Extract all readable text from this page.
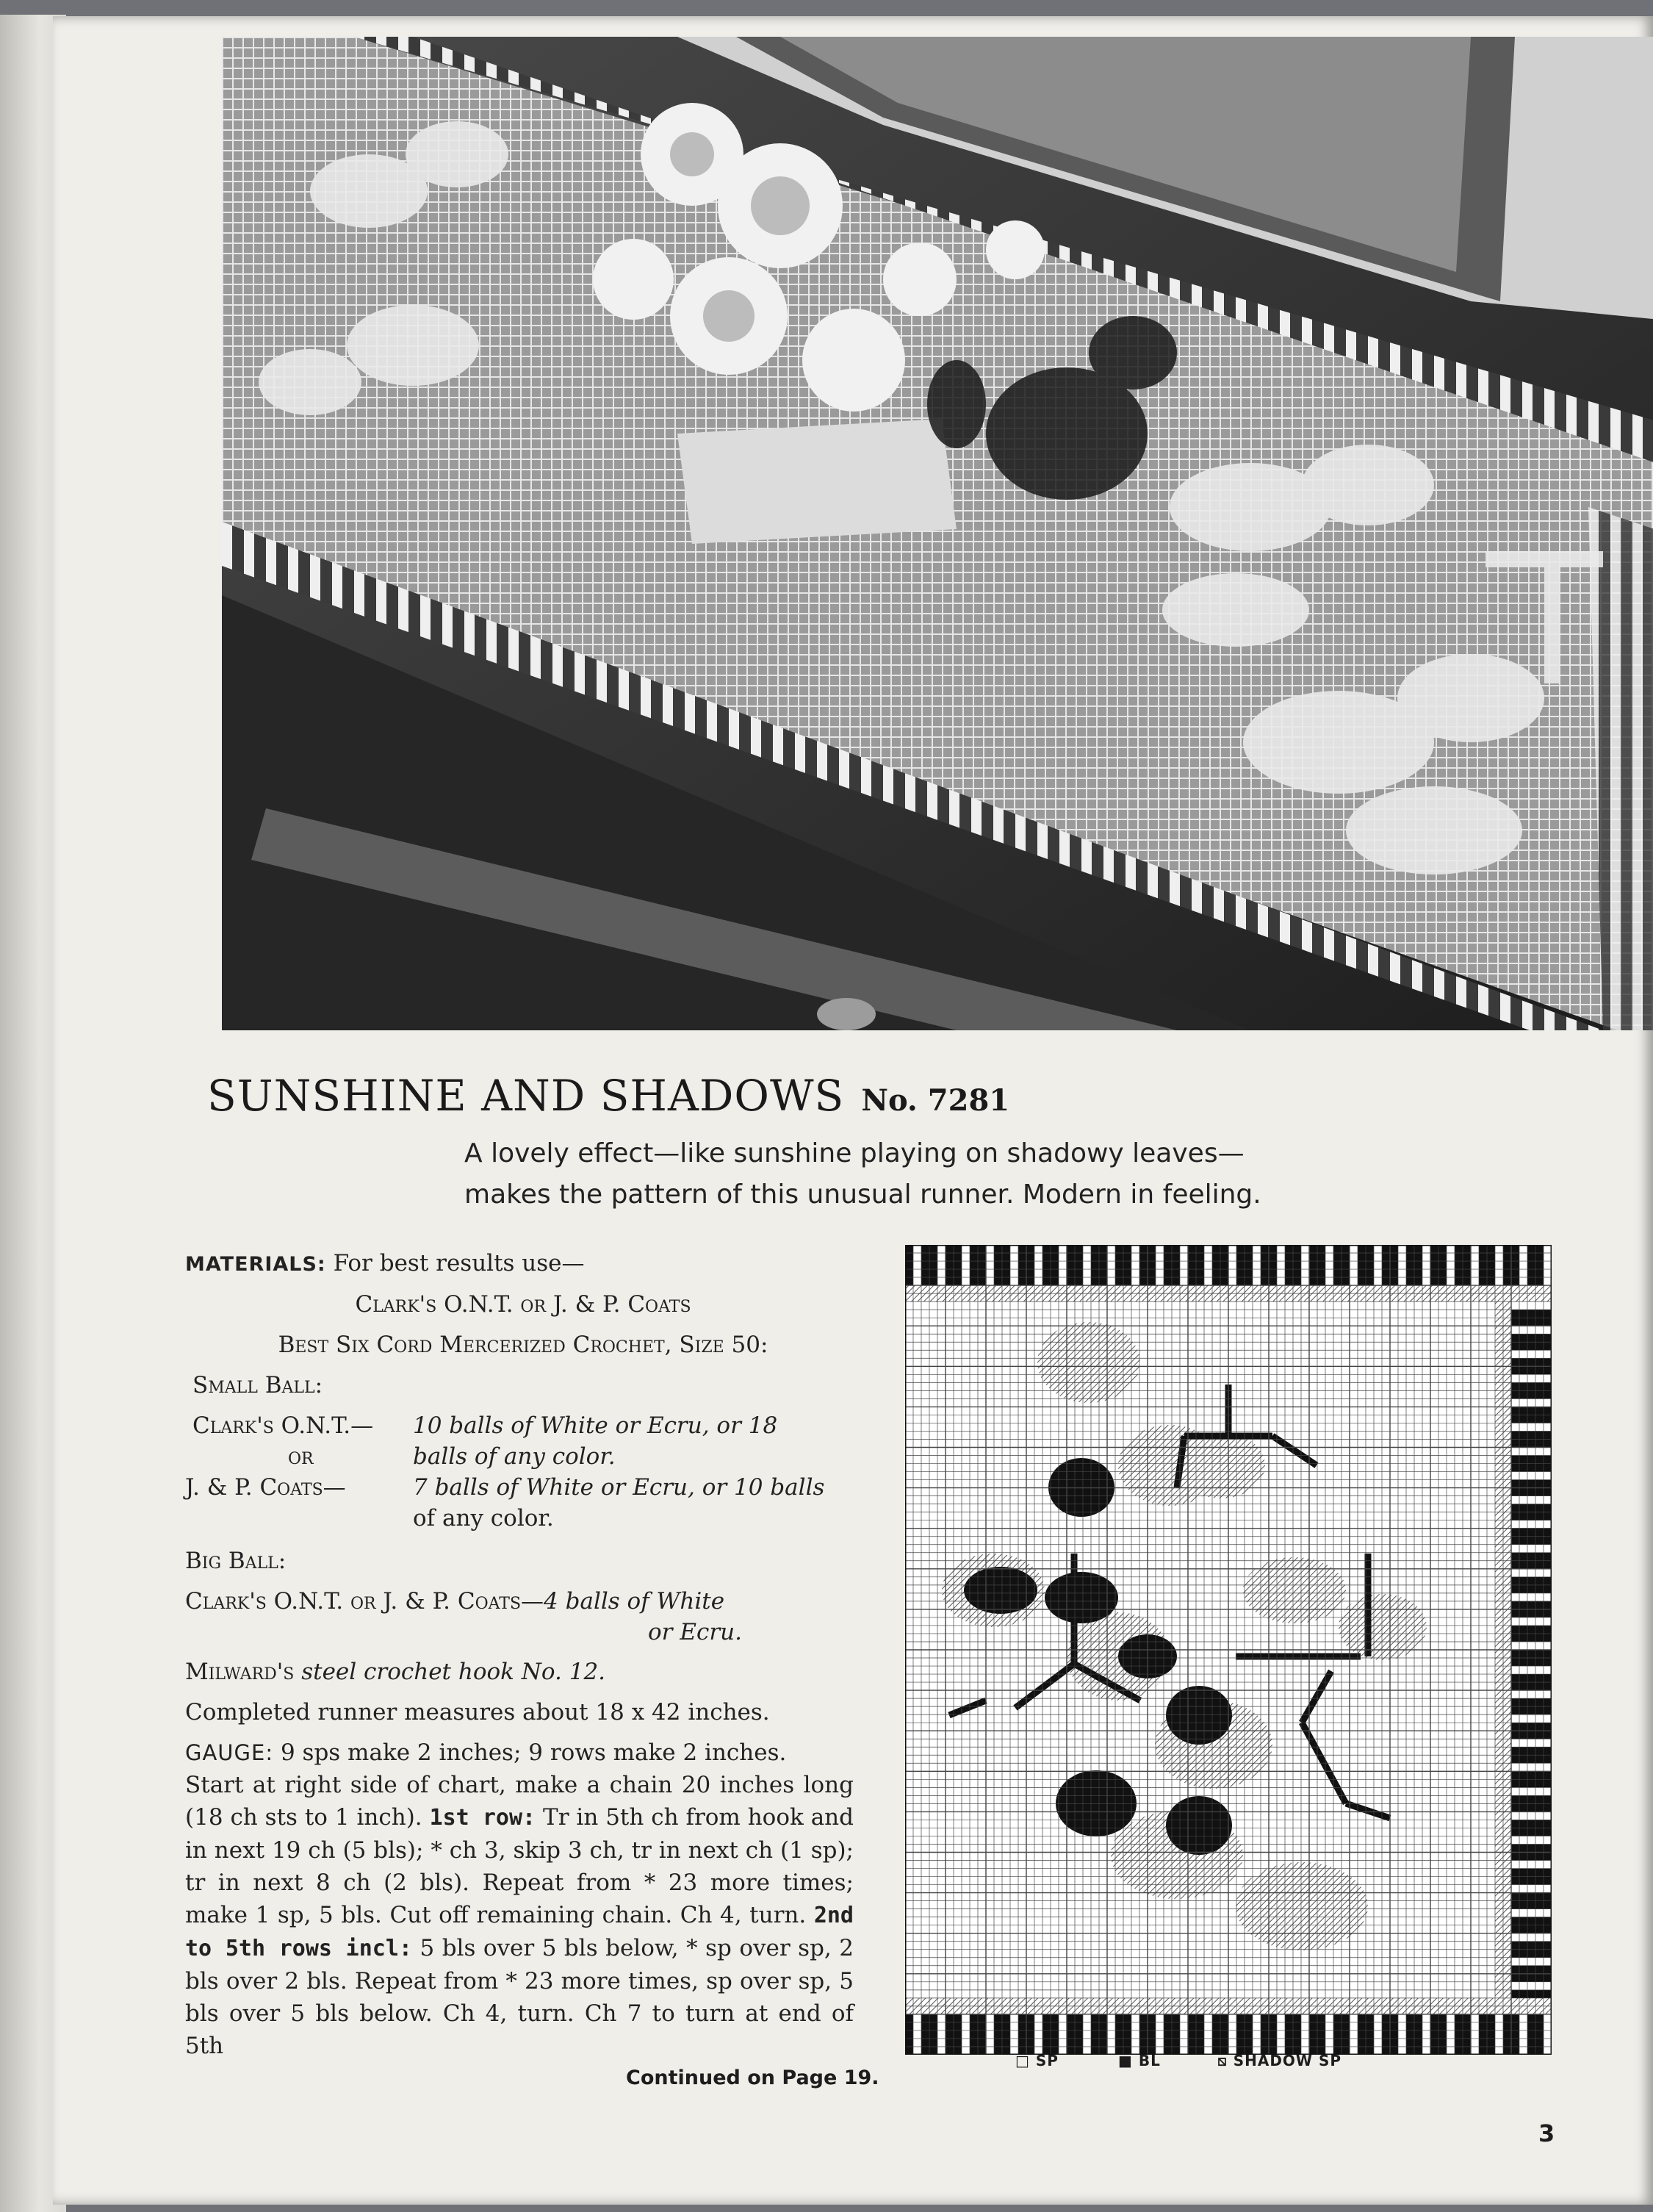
SUNSHINE AND SHADOWS No. 7281
A lovely effect—like sunshine playing on shadowy leaves—
makes the pattern of this unusual runner. Modern in feeling.
MATERIALS: For best results use—
Clark's O.N.T. or J. & P. Coats
Best Six Cord Mercerized Crochet, Size 50:
Small Ball:
Clark's O.N.T.—	10 balls of White or Ecru, or 18
or	balls of any color.
J. & P. Coats—	7 balls of White or Ecru, or 10 balls
of any color.
Big Ball:
Clark's O.N.T. or J. & P. Coats—4 balls of White
or Ecru.
Milward's steel crochet hook No. 12.
Completed runner measures about 18 x 42 inches.
GAUGE: 9 sps make 2 inches; 9 rows make 2 inches.
Start at right side of chart, make a chain 20 inches long (18 ch sts to 1 inch). 1st row: Tr in 5th ch from hook and in next 19 ch (5 bls); * ch 3, skip 3 ch, tr in next ch (1 sp); tr in next 8 ch (2 bls). Repeat from * 23 more times; make 1 sp, 5 bls. Cut off remaining chain. Ch 4, turn. 2nd to 5th rows incl: 5 bls over 5 bls below, * sp over sp, 2 bls over 2 bls. Repeat from * 23 more times, sp over sp, 5 bls over 5 bls below. Ch 4, turn. Ch 7 to turn at end of 5th
Continued on Page 19.
□ SP	■ BL	⧅ SHADOW SP
3
